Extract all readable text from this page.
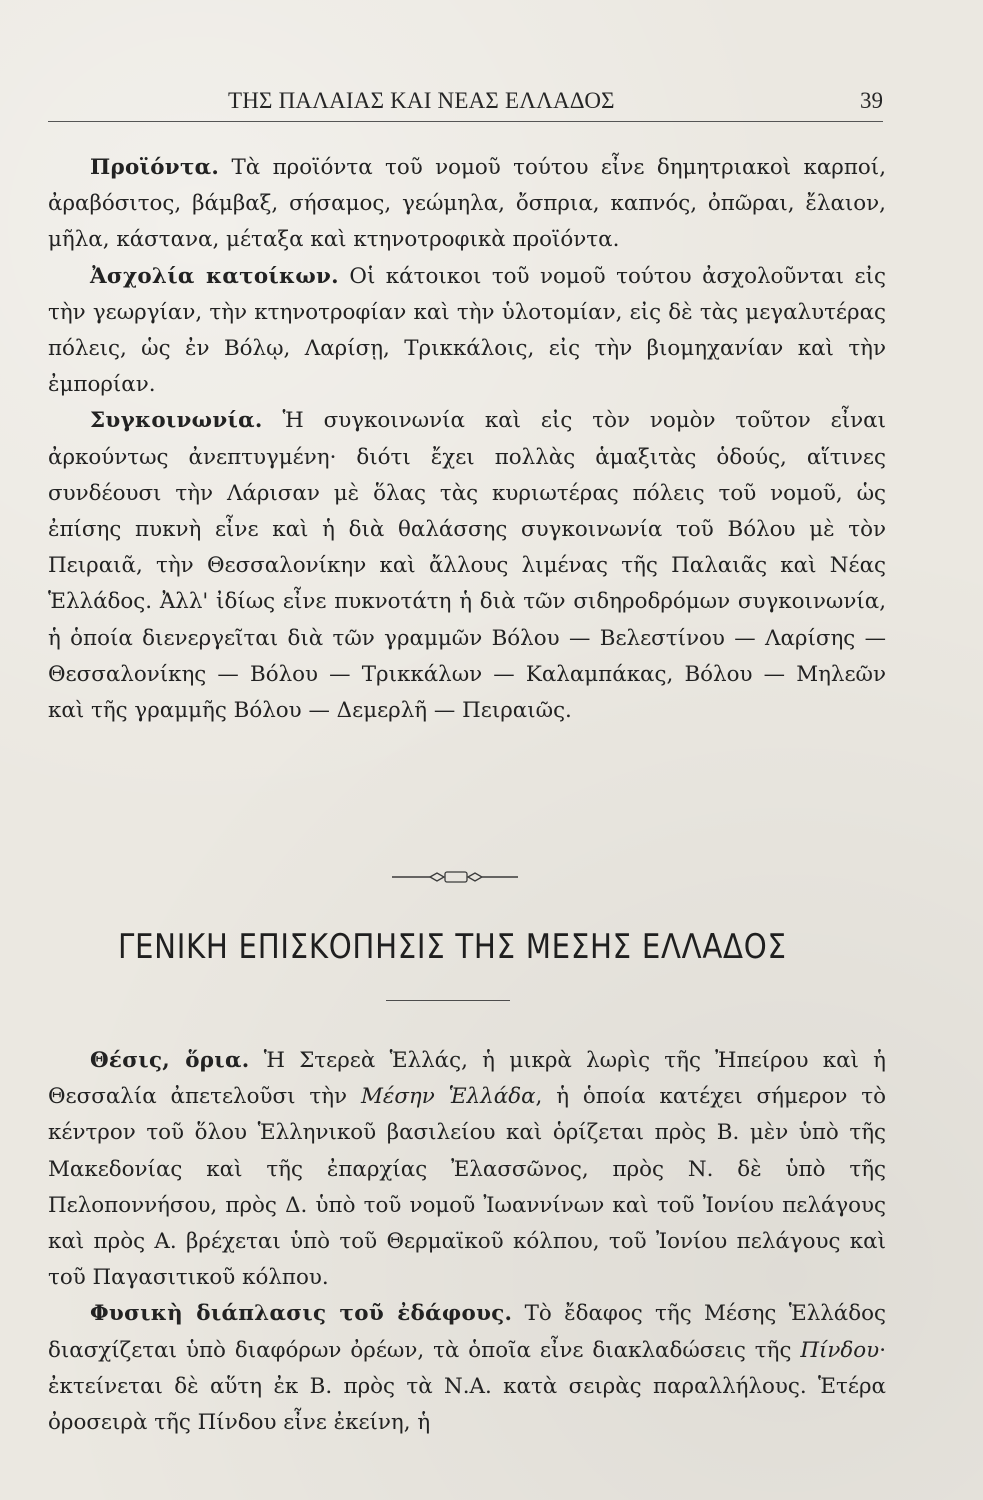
ΤΗΣ ΠΑΛΑΙΑΣ ΚΑΙ ΝΕΑΣ ΕΛΛΑΔΟΣ	39

Προϊόντα. Τὰ προϊόντα τοῦ νομοῦ τούτου εἶνε δημητριακοὶ καρποί, ἀραβόσιτος, βάμβαξ, σήσαμος, γεώμηλα, ὄσπρια, καπνός, ὀπῶραι, ἔλαιον, μῆλα, κάστανα, μέταξα καὶ κτηνοτροφικὰ προϊόντα.

Ἀσχολία κατοίκων. Οἱ κάτοικοι τοῦ νομοῦ τούτου ἀσχολοῦνται εἰς τὴν γεωργίαν, τὴν κτηνοτροφίαν καὶ τὴν ὑλοτομίαν, εἰς δὲ τὰς μεγαλυτέρας πόλεις, ὡς ἐν Βόλῳ, Λαρίσῃ, Τρικκάλοις, εἰς τὴν βιομηχανίαν καὶ τὴν ἐμπορίαν.

Συγκοινωνία. Ἡ συγκοινωνία καὶ εἰς τὸν νομὸν τοῦτον εἶναι ἀρκούντως ἀνεπτυγμένη· διότι ἔχει πολλὰς ἁμαξιτὰς ὁδούς, αἵτινες συνδέουσι τὴν Λάρισαν μὲ ὅλας τὰς κυριωτέρας πόλεις τοῦ νομοῦ, ὡς ἐπίσης πυκνὴ εἶνε καὶ ἡ διὰ θαλάσσης συγκοινωνία τοῦ Βόλου μὲ τὸν Πειραιᾶ, τὴν Θεσσαλονίκην καὶ ἄλλους λιμένας τῆς Παλαιᾶς καὶ Νέας Ἑλλάδος. Ἀλλ' ἰδίως εἶνε πυκνοτάτη ἡ διὰ τῶν σιδηροδρόμων συγκοινωνία, ἡ ὁποία διενεργεῖται διὰ τῶν γραμμῶν Βόλου — Βελεστίνου — Λαρίσης — Θεσσαλονίκης — Βόλου — Τρικκάλων — Καλαμπάκας, Βόλου — Μηλεῶν καὶ τῆς γραμμῆς Βόλου — Δεμερλῆ — Πειραιῶς.

ΓΕΝΙΚΗ ΕΠΙΣΚΟΠΗΣΙΣ ΤΗΣ ΜΕΣΗΣ ΕΛΛΑΔΟΣ

Θέσις, ὅρια. Ἡ Στερεὰ Ἑλλάς, ἡ μικρὰ λωρὶς τῆς Ἠπείρου καὶ ἡ Θεσσαλία ἀπετελοῦσι τὴν Μέσην Ἑλλάδα, ἡ ὁποία κατέχει σήμερον τὸ κέντρον τοῦ ὅλου Ἑλληνικοῦ βασιλείου καὶ ὁρίζεται πρὸς Β. μὲν ὑπὸ τῆς Μακεδονίας καὶ τῆς ἐπαρχίας Ἐλασσῶνος, πρὸς Ν. δὲ ὑπὸ τῆς Πελοποννήσου, πρὸς Δ. ὑπὸ τοῦ νομοῦ Ἰωαννίνων καὶ τοῦ Ἰονίου πελάγους καὶ πρὸς Α. βρέχεται ὑπὸ τοῦ Θερμαϊκοῦ κόλπου, τοῦ Ἰονίου πελάγους καὶ τοῦ Παγασιτικοῦ κόλπου.

Φυσικὴ διάπλασις τοῦ ἐδάφους. Τὸ ἔδαφος τῆς Μέσης Ἑλλάδος διασχίζεται ὑπὸ διαφόρων ὀρέων, τὰ ὁποῖα εἶνε διακλαδώσεις τῆς Πίνδου· ἐκτείνεται δὲ αὕτη ἐκ Β. πρὸς τὰ Ν.Α. κατὰ σειρὰς παραλλήλους. Ἑτέρα ὀροσειρὰ τῆς Πίνδου εἶνε ἐκείνη, ἡ
